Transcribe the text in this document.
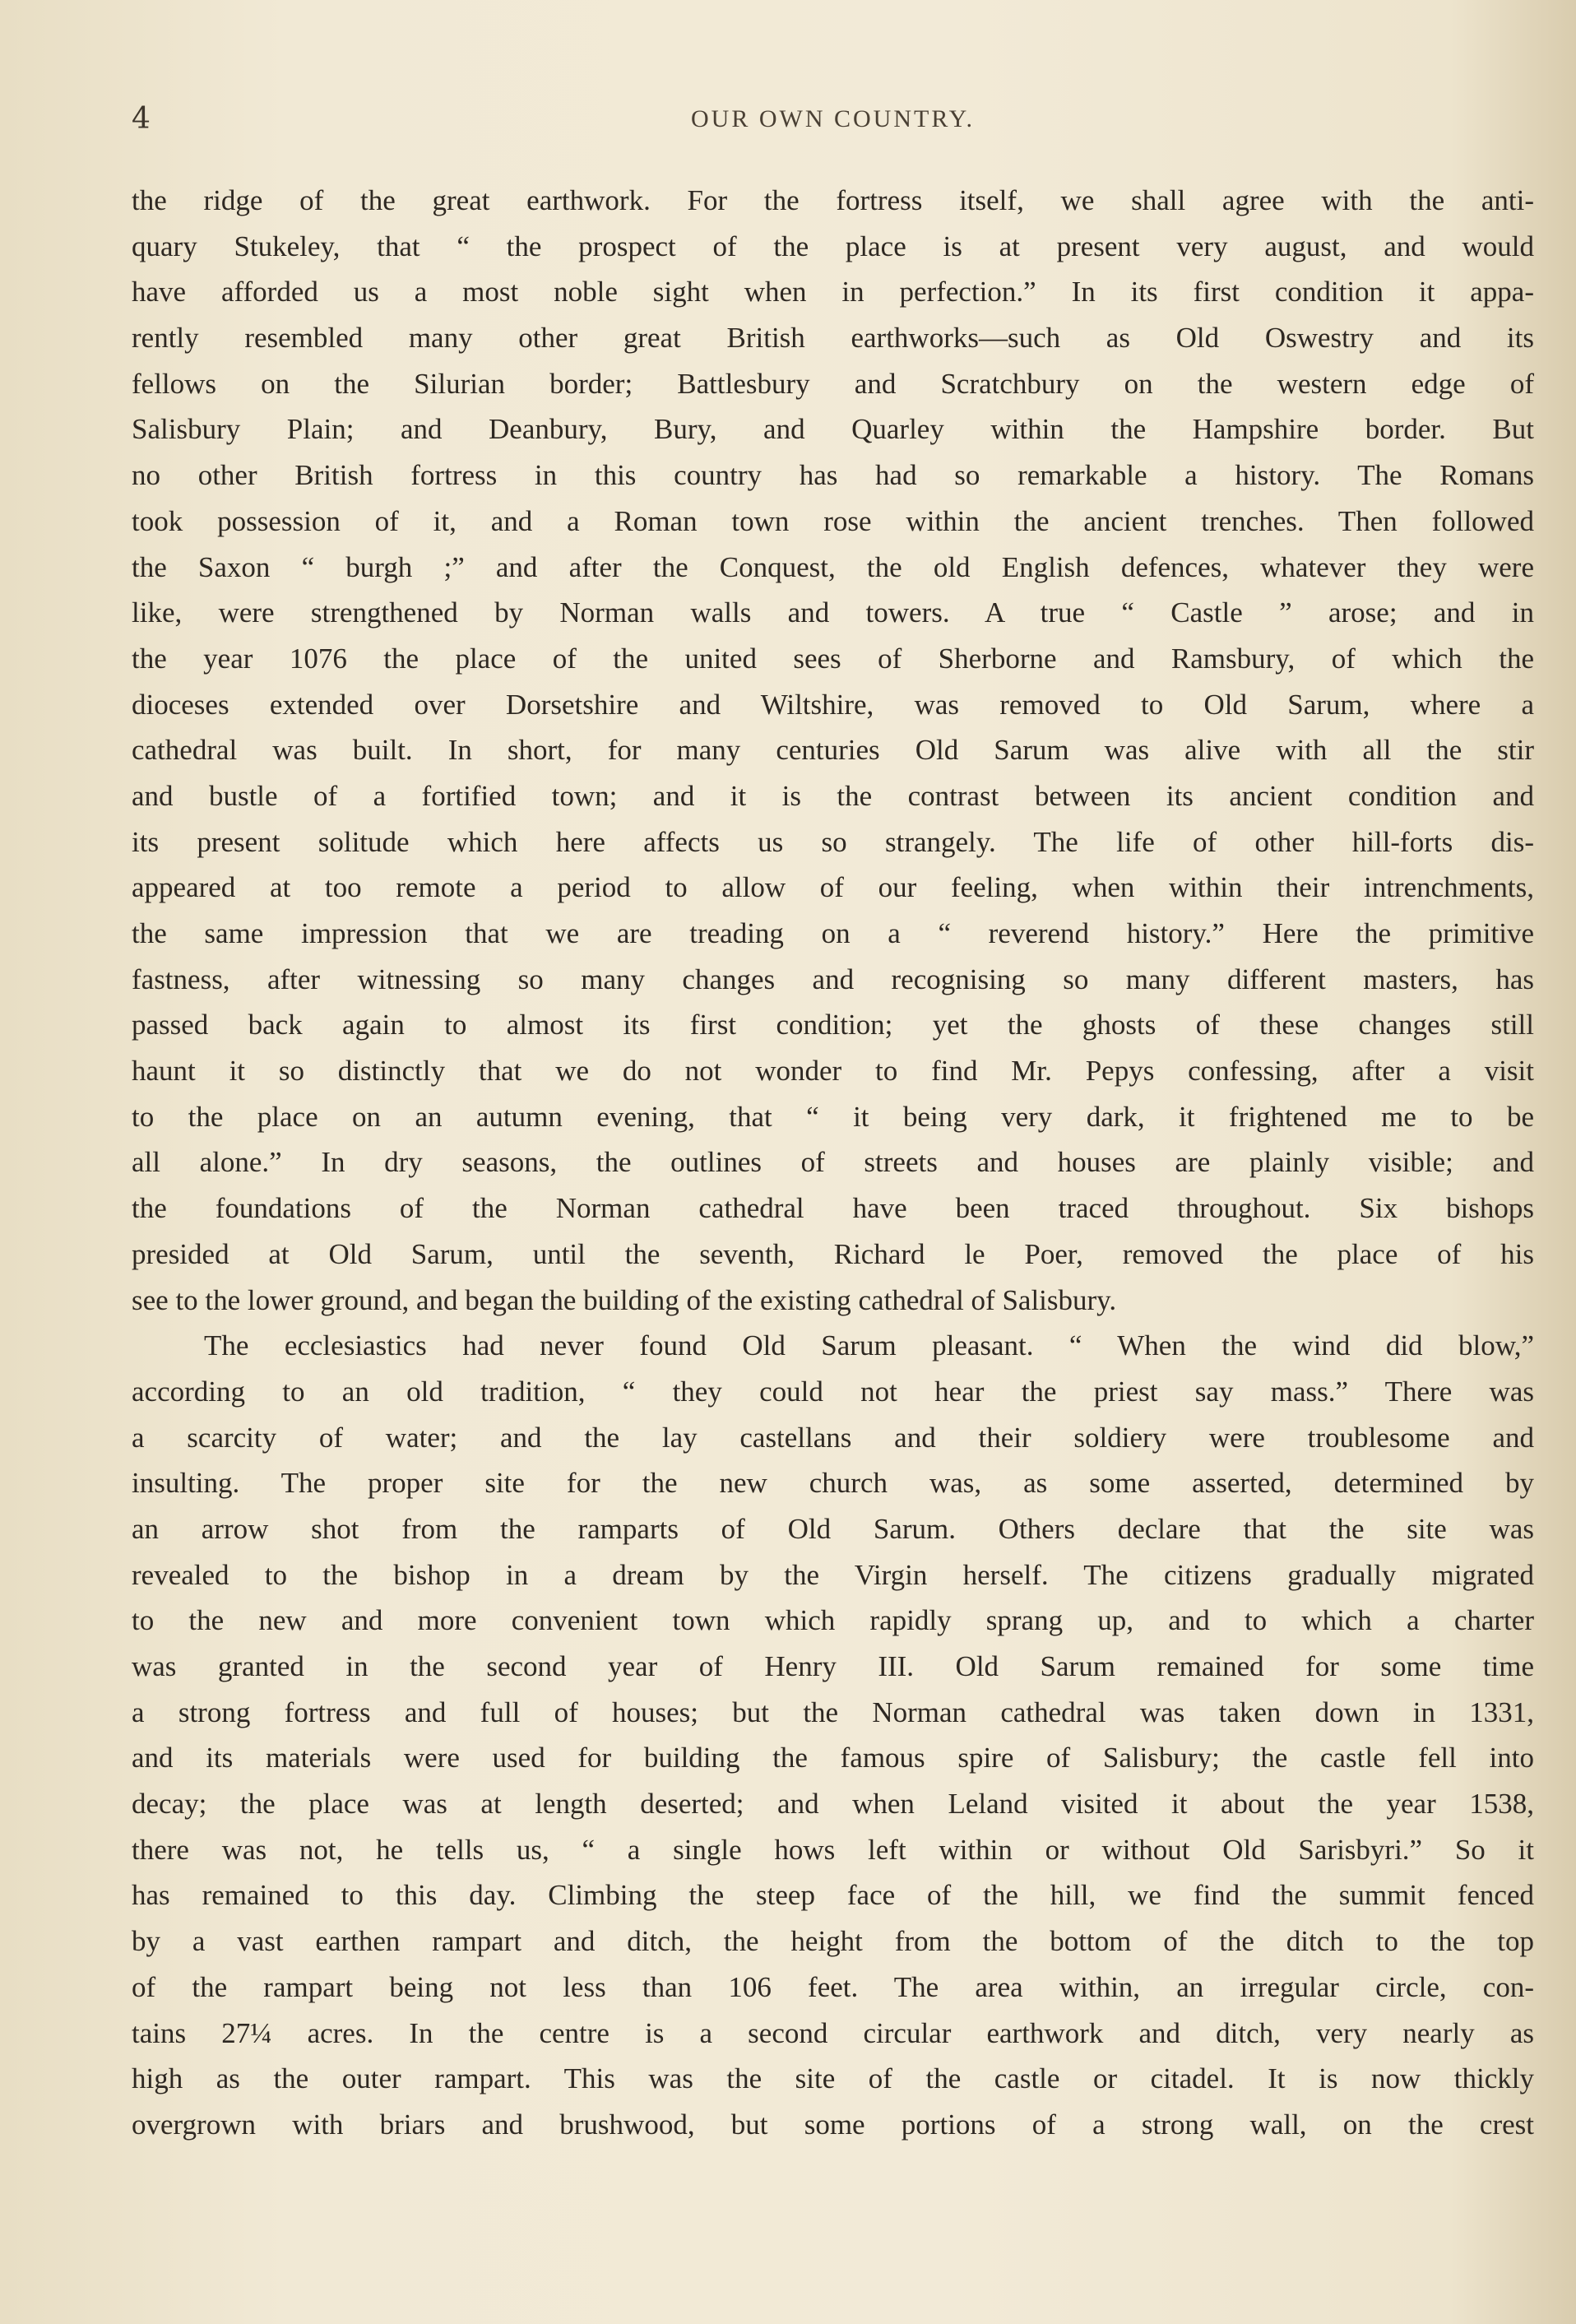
4	OUR OWN COUNTRY.
the ridge of the great earthwork. For the fortress itself, we shall agree with the anti-
quary Stukeley, that “ the prospect of the place is at present very august, and would
have afforded us a most noble sight when in perfection.” In its first condition it appa-
rently resembled many other great British earthworks—such as Old Oswestry and its
fellows on the Silurian border; Battlesbury and Scratchbury on the western edge of
Salisbury Plain; and Deanbury, Bury, and Quarley within the Hampshire border. But
no other British fortress in this country has had so remarkable a history. The Romans
took possession of it, and a Roman town rose within the ancient trenches. Then followed
the Saxon “ burgh ;” and after the Conquest, the old English defences, whatever they were
like, were strengthened by Norman walls and towers. A true “ Castle ” arose; and in
the year 1076 the place of the united sees of Sherborne and Ramsbury, of which the
dioceses extended over Dorsetshire and Wiltshire, was removed to Old Sarum, where a
cathedral was built. In short, for many centuries Old Sarum was alive with all the stir
and bustle of a fortified town; and it is the contrast between its ancient condition and
its present solitude which here affects us so strangely. The life of other hill-forts dis-
appeared at too remote a period to allow of our feeling, when within their intrenchments,
the same impression that we are treading on a “ reverend history.” Here the primitive
fastness, after witnessing so many changes and recognising so many different masters, has
passed back again to almost its first condition; yet the ghosts of these changes still
haunt it so distinctly that we do not wonder to find Mr. Pepys confessing, after a visit
to the place on an autumn evening, that “ it being very dark, it frightened me to be
all alone.” In dry seasons, the outlines of streets and houses are plainly visible; and
the foundations of the Norman cathedral have been traced throughout. Six bishops
presided at Old Sarum, until the seventh, Richard le Poer, removed the place of his
see to the lower ground, and began the building of the existing cathedral of Salisbury.
The ecclesiastics had never found Old Sarum pleasant. “ When the wind did blow,”
according to an old tradition, “ they could not hear the priest say mass.” There was
a scarcity of water; and the lay castellans and their soldiery were troublesome and
insulting. The proper site for the new church was, as some asserted, determined by
an arrow shot from the ramparts of Old Sarum. Others declare that the site was
revealed to the bishop in a dream by the Virgin herself. The citizens gradually migrated
to the new and more convenient town which rapidly sprang up, and to which a charter
was granted in the second year of Henry III. Old Sarum remained for some time
a strong fortress and full of houses; but the Norman cathedral was taken down in 1331,
and its materials were used for building the famous spire of Salisbury; the castle fell into
decay; the place was at length deserted; and when Leland visited it about the year 1538,
there was not, he tells us, “ a single hows left within or without Old Sarisbyri.” So it
has remained to this day. Climbing the steep face of the hill, we find the summit fenced
by a vast earthen rampart and ditch, the height from the bottom of the ditch to the top
of the rampart being not less than 106 feet. The area within, an irregular circle, con-
tains 27¼ acres. In the centre is a second circular earthwork and ditch, very nearly as
high as the outer rampart. This was the site of the castle or citadel. It is now thickly
overgrown with briars and brushwood, but some portions of a strong wall, on the crest
